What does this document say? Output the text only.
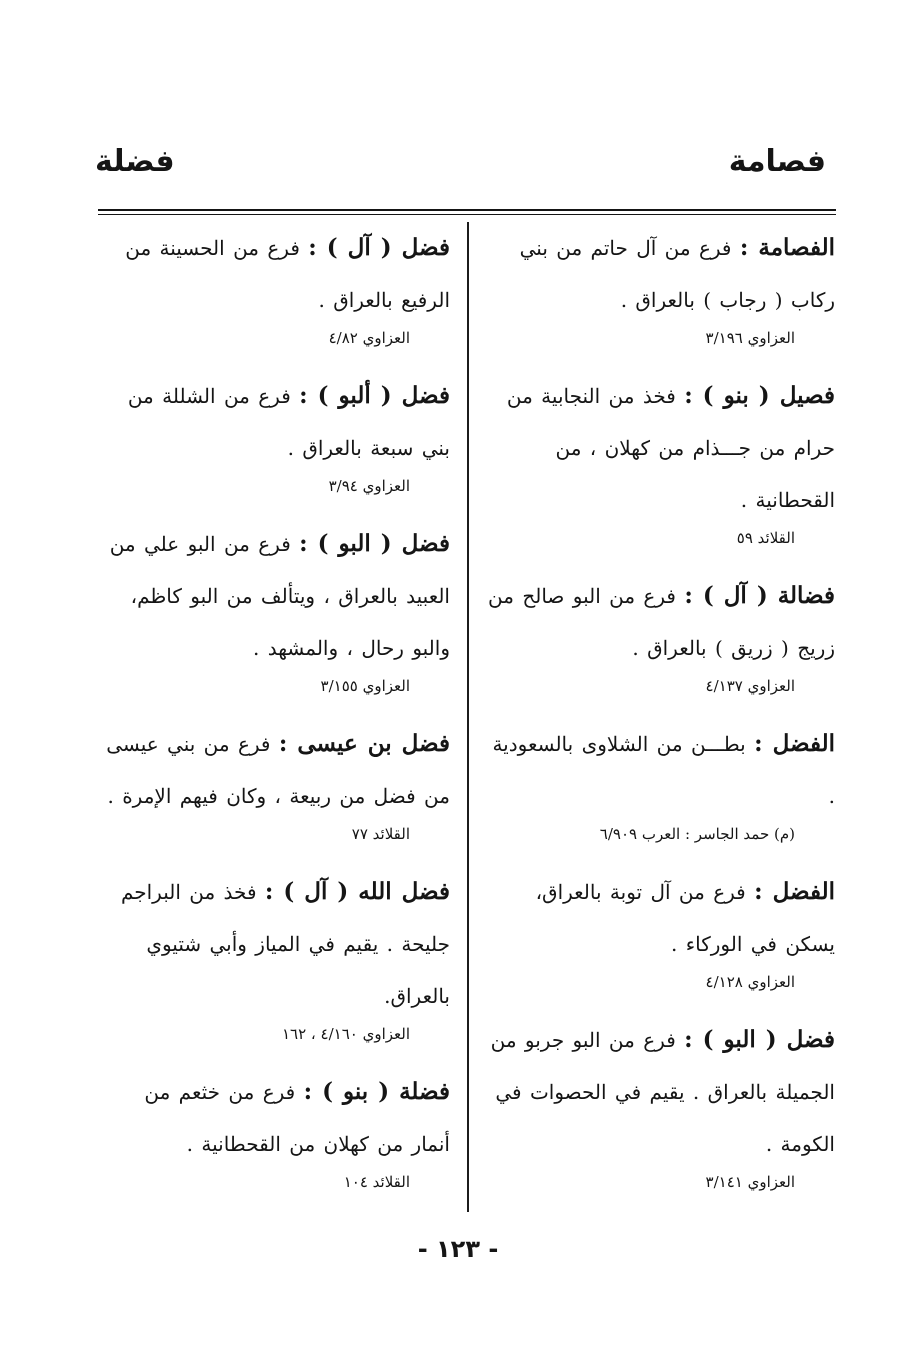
فصامة
فضلة

الفصامة : فرع من آل حاتم من بني ركاب ( رجاب ) بالعراق .

العزاوي ٣/١٩٦

فصيل ( بنو ) : فخذ من النجابية من حرام من جـــذام من كهلان ، من القحطانية .

القلائد ٥٩

فضالة ( آل ) : فرع من البو صالح من زريج ( زريق ) بالعراق .

العزاوي ٤/١٣٧

الفضل : بطـــن من الشلاوى بالسعودية .

(م) حمد الجاسر : العرب ٦/٩٠٩

الفضل : فرع من آل توبة بالعراق، يسكن في الوركاء .

العزاوي ٤/١٢٨

فضل ( البو ) : فرع من البو جربو من الجميلة بالعراق . يقيم في الحصوات في الكومة .

العزاوي ٣/١٤١

فضل ( آل ) : فرع من الحسينة من الرفيع بالعراق .

العزاوي ٤/٨٢

فضل ( ألبو ) : فرع من الشللة من بني سبعة بالعراق .

العزاوي ٣/٩٤

فضل ( البو ) : فرع من البو علي من العبيد بالعراق ، ويتألف من البو كاظم، والبو رحال ، والمشهد .

العزاوي ٣/١٥٥

فضل بن عيسى : فرع من بني عيسى من فضل من ربيعة ، وكان فيهم الإمرة .

القلائد ٧٧

فضل الله ( آل ) : فخذ من البراجم جليحة . يقيم في المياز وأبي شتيوي بالعراق.

العزاوي ٤/١٦٠ ، ١٦٢

فضلة ( بنو ) : فرع من خثعم من أنمار من كهلان من القحطانية .

القلائد ١٠٤

- ١٢٣ -
